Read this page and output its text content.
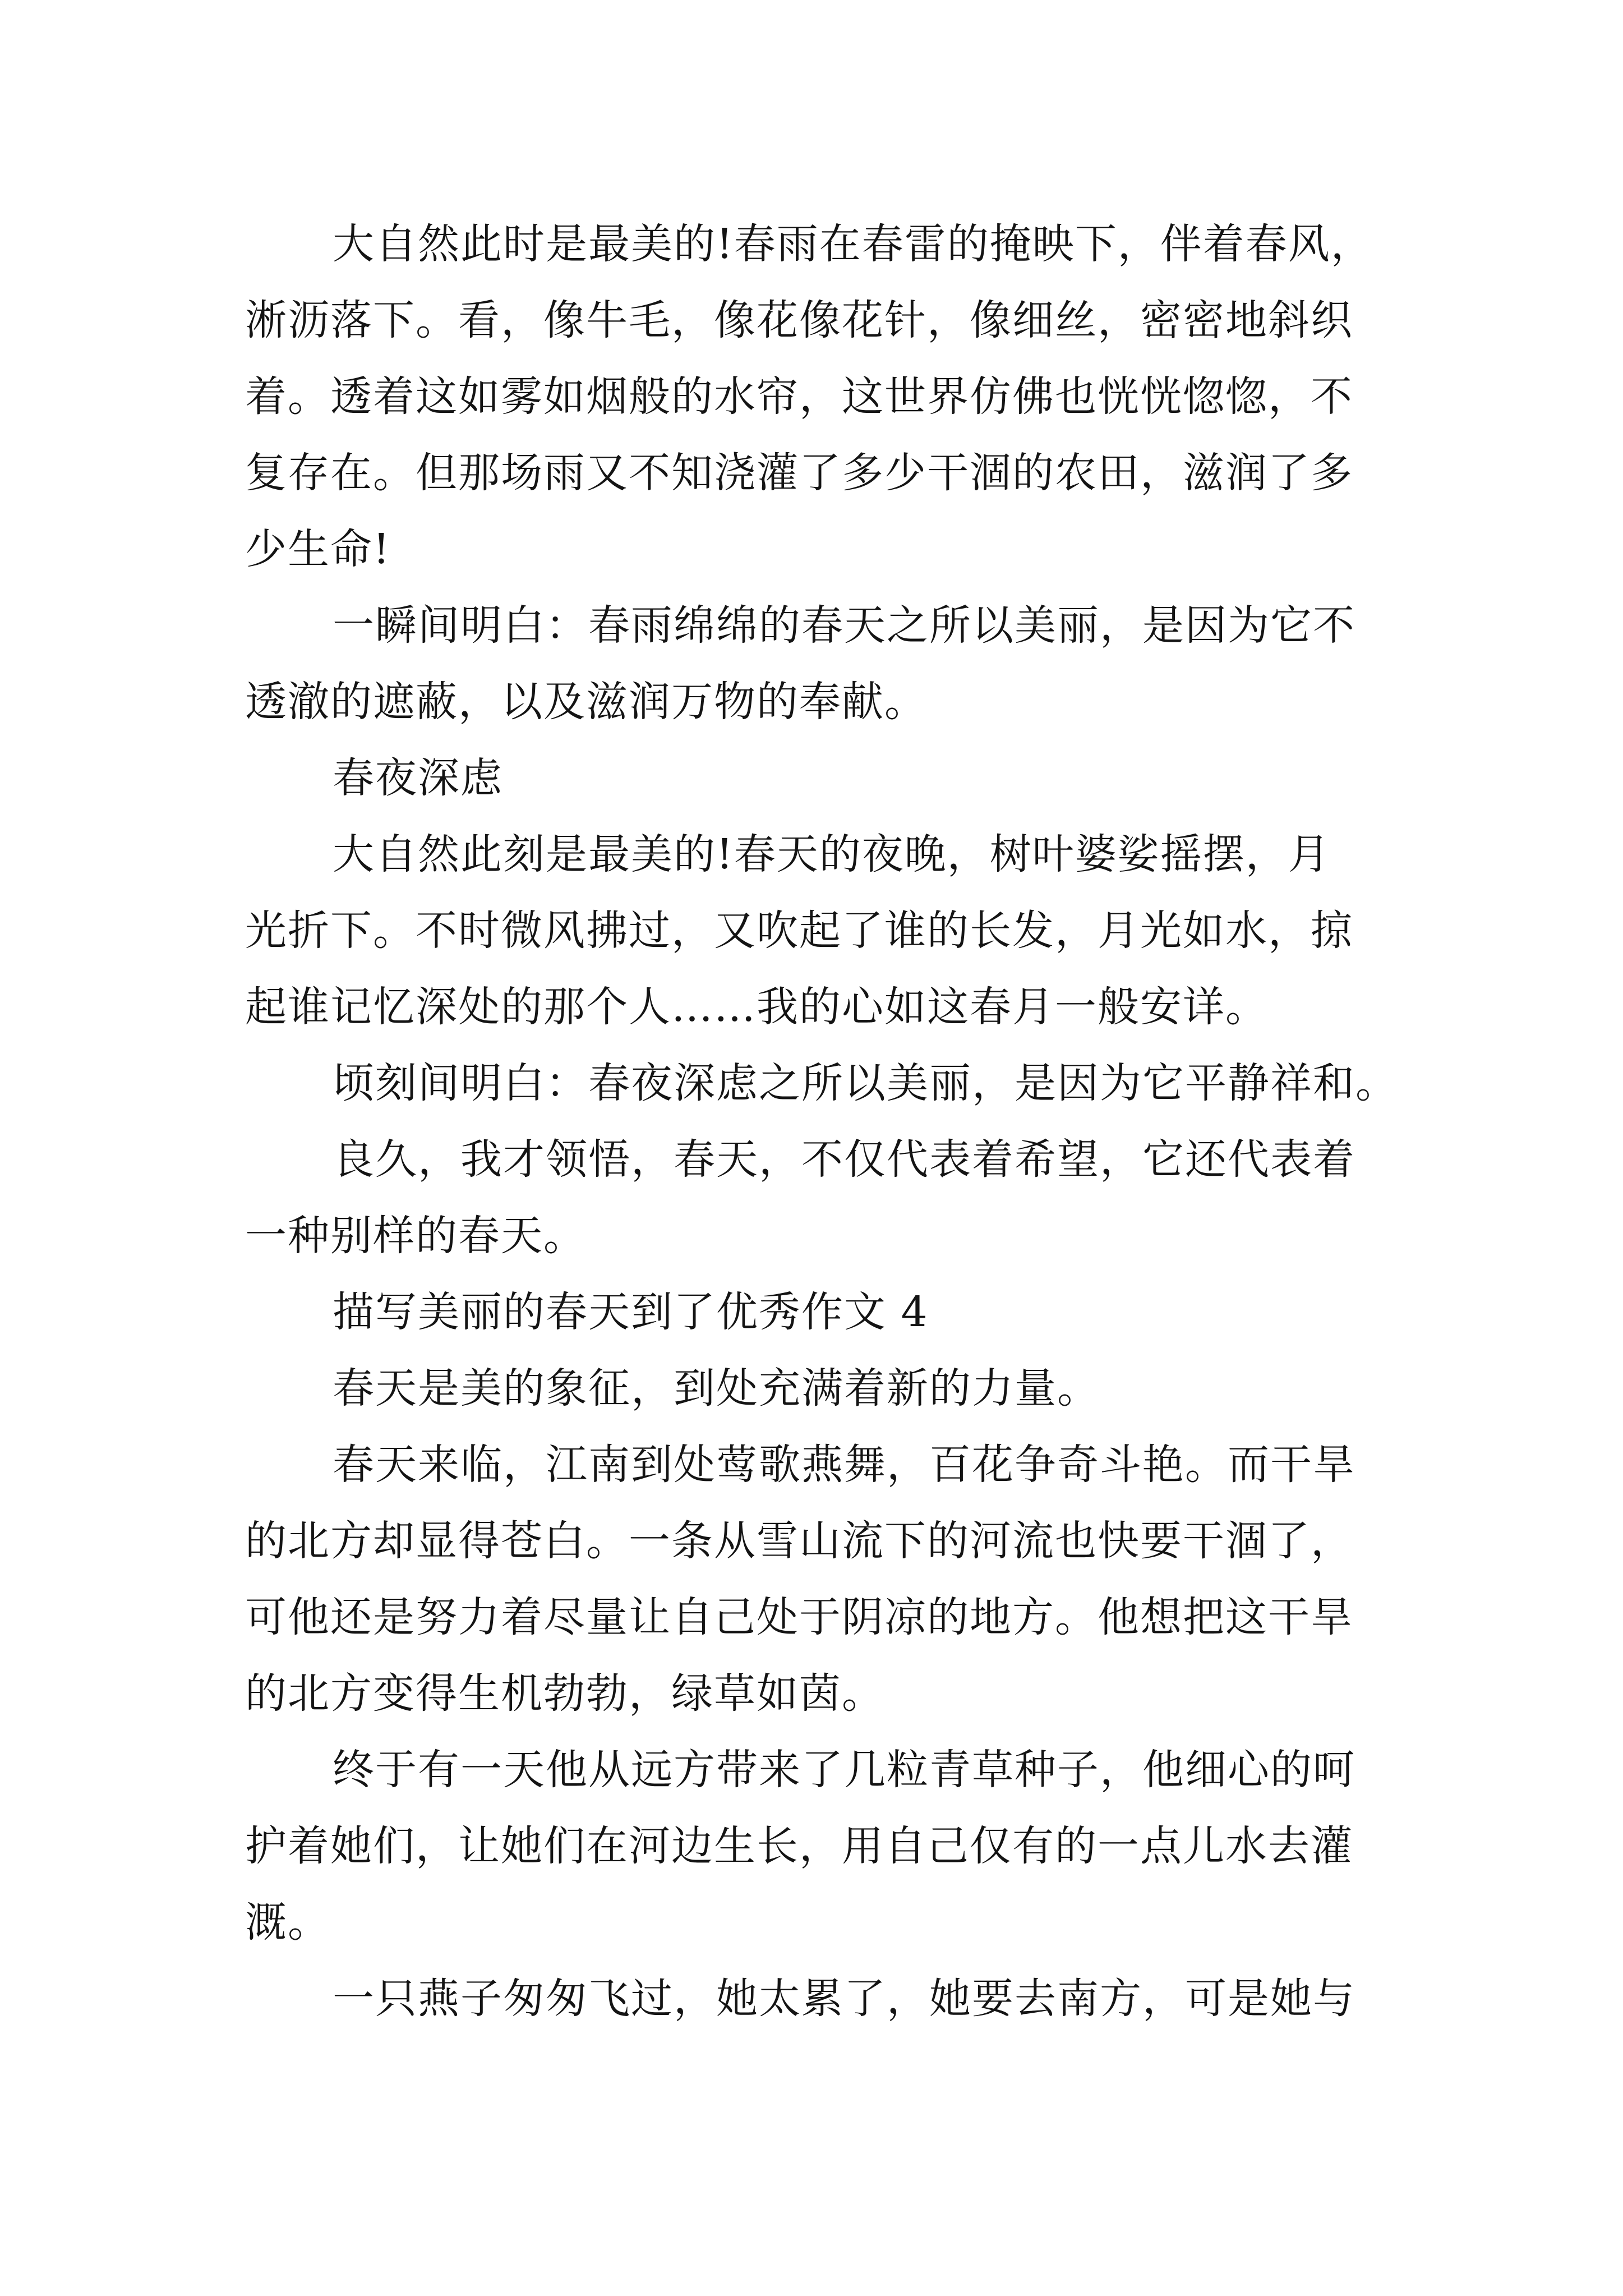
大自然此时是最美的!春雨在春雷的掩映下，伴着春风，
淅沥落下。看，像牛毛，像花像花针，像细丝，密密地斜织
着。透着这如雾如烟般的水帘，这世界仿佛也恍恍惚惚，不
复存在。但那场雨又不知浇灌了多少干涸的农田，滋润了多
少生命!
一瞬间明白：春雨绵绵的春天之所以美丽，是因为它不
透澈的遮蔽，以及滋润万物的奉献。
春夜深虑
大自然此刻是最美的!春天的夜晚，树叶婆娑摇摆，月
光折下。不时微风拂过，又吹起了谁的长发，月光如水，掠
起谁记忆深处的那个人……我的心如这春月一般安详。
顷刻间明白：春夜深虑之所以美丽，是因为它平静祥和。
良久，我才领悟，春天，不仅代表着希望，它还代表着
一种别样的春天。
描写美丽的春天到了优秀作文 4
春天是美的象征，到处充满着新的力量。
春天来临，江南到处莺歌燕舞，百花争奇斗艳。而干旱
的北方却显得苍白。一条从雪山流下的河流也快要干涸了，
可他还是努力着尽量让自己处于阴凉的地方。他想把这干旱
的北方变得生机勃勃，绿草如茵。
终于有一天他从远方带来了几粒青草种子，他细心的呵
护着她们，让她们在河边生长，用自己仅有的一点儿水去灌
溉。
一只燕子匆匆飞过，她太累了，她要去南方，可是她与
